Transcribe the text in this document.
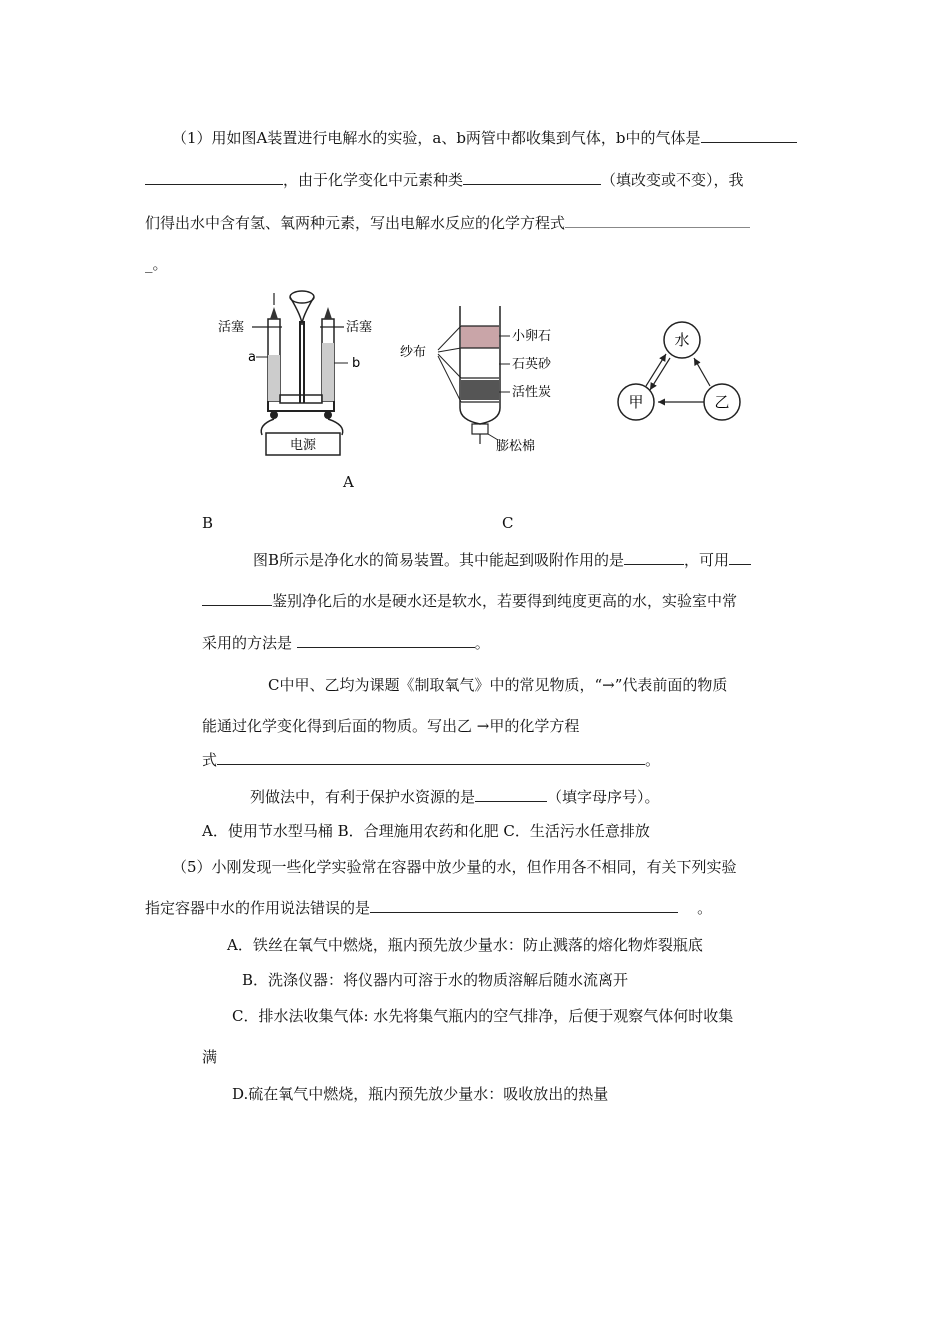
（1）用如图A装置进行电解水的实验，a、b两管中都收集到气体，b中的气体是
，由于化学变化中元素种类	（填改变或不变），我
们得出水中含有氢、氧两种元素，写出电解水反应的化学方程式
_。
电源
活塞	活塞
a	b
纱布
小卵石
石英砂
活性炭
膨松棉
水
甲	乙
A
B	C
图B所示是净化水的简易装置。其中能起到吸附作用的是	，可用
鉴别净化后的水是硬水还是软水，若要得到纯度更高的水，实验室中常
采用的方法是	。
C中甲、乙均为课题《制取氧气》中的常见物质，“→”代表前面的物质
能通过化学变化得到后面的物质。写出乙 →甲的化学方程
式	。
列做法中，有利于保护水资源的是	（填字母序号）。
A．使用节水型马桶 B．合理施用农药和化肥 C．生活污水任意排放
（5）小刚发现一些化学实验常在容器中放少量的水，但作用各不相同，有关下列实验
指定容器中水的作用说法错误的是	。
A．铁丝在氧气中燃烧，瓶内预先放少量水：防止溅落的熔化物炸裂瓶底
B．洗涤仪器：将仪器内可溶于水的物质溶解后随水流离开
C．排水法收集气体: 水先将集气瓶内的空气排净，后便于观察气体何时收集
满
D.硫在氧气中燃烧，瓶内预先放少量水：吸收放出的热量
